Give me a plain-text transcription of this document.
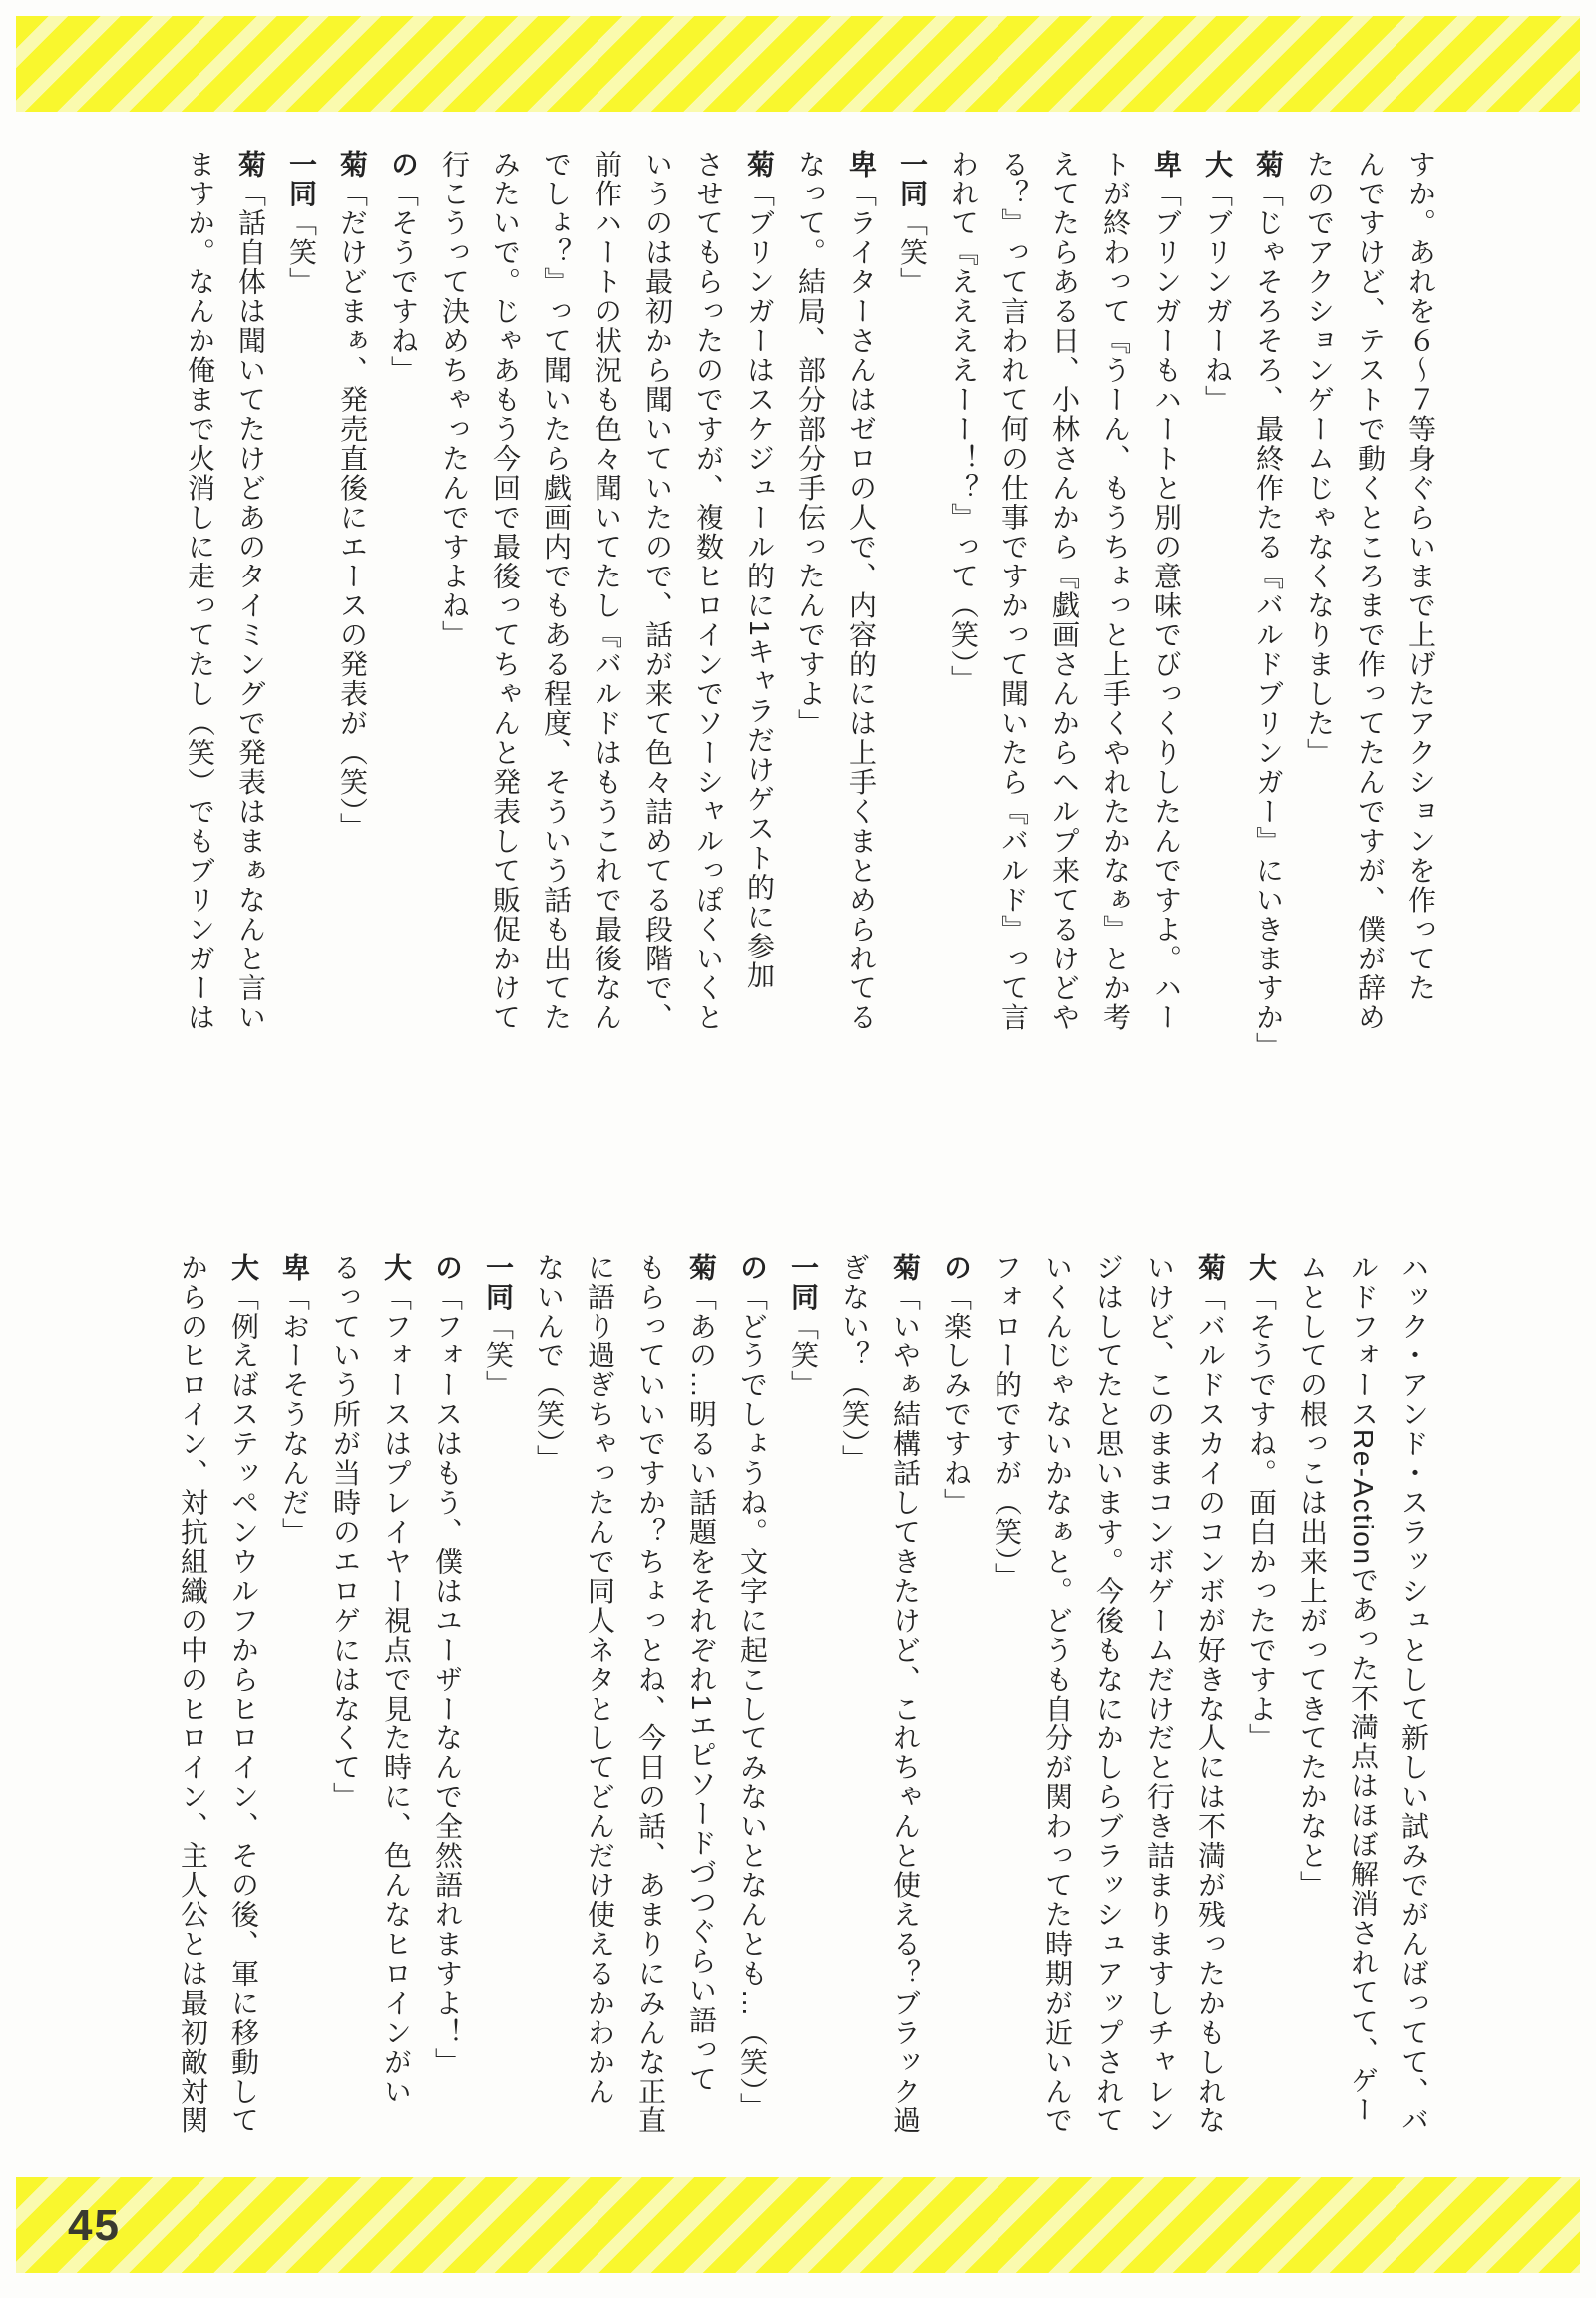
すか。あれを６〜７等身ぐらいまで上げたアクションを作ってた
んですけど、テストで動くところまで作ってたんですが、僕が辞め
たのでアクションゲームじゃなくなりました」
菊「じゃそろそろ、最終作たる『バルドブリンガー』にいきますか」
大「ブリンガーね」
卑「ブリンガーもハートと別の意味でびっくりしたんですよ。ハー
トが終わって『うーん、もうちょっと上手くやれたかなぁ』とか考
えてたらある日、小林さんから『戯画さんからヘルプ来てるけどや
る？』って言われて何の仕事ですかって聞いたら『バルド』って言
われて『ええええーー！？』って（笑）」
一同「笑」
卑「ライターさんはゼロの人で、内容的には上手くまとめられてる
なって。結局、部分部分手伝ったんですよ」
菊「ブリンガーはスケジュール的に1キャラだけゲスト的に参加
させてもらったのですが、複数ヒロインでソーシャルっぽくいくと
いうのは最初から聞いていたので、話が来て色々詰めてる段階で、
前作ハートの状況も色々聞いてたし『バルドはもうこれで最後なん
でしょ？』って聞いたら戯画内でもある程度、そういう話も出てた
みたいで。じゃあもう今回で最後ってちゃんと発表して販促かけて
行こうって決めちゃったんですよね」
の「そうですね」
菊「だけどまぁ、発売直後にエースの発表が（笑）」
一同「笑」
菊「話自体は聞いてたけどあのタイミングで発表はまぁなんと言い
ますか。なんか俺まで火消しに走ってたし（笑）でもブリンガーは
ハック・アンド・スラッシュとして新しい試みでがんばってて、バ
ルドフォースRe-Actionであった不満点はほぼ解消されてて、ゲー
ムとしての根っこは出来上がってきてたかなと」
大「そうですね。面白かったですよ」
菊「バルドスカイのコンボが好きな人には不満が残ったかもしれな
いけど、このままコンボゲームだけだと行き詰まりますしチャレン
ジはしてたと思います。今後もなにかしらブラッシュアップされて
いくんじゃないかなぁと。どうも自分が関わってた時期が近いんで
フォロー的ですが（笑）」
の「楽しみですね」
菊「いやぁ結構話してきたけど、これちゃんと使える？ブラック過
ぎない？（笑）」
一同「笑」
の「どうでしょうね。文字に起こしてみないとなんとも…（笑）」
菊「あの…明るい話題をそれぞれ1エピソードづつぐらい語って
もらっていいですか？ちょっとね、今日の話、あまりにみんな正直
に語り過ぎちゃったんで同人ネタとしてどんだけ使えるかわかん
ないんで（笑）」
一同「笑」
の「フォースはもう、僕はユーザーなんで全然語れますよ！」
大「フォースはプレイヤー視点で見た時に、色んなヒロインがい
るっていう所が当時のエロゲにはなくて」
卑「おーそうなんだ」
大「例えばステッペンウルフからヒロイン、その後、軍に移動して
からのヒロイン、対抗組織の中のヒロイン、主人公とは最初敵対関
45
